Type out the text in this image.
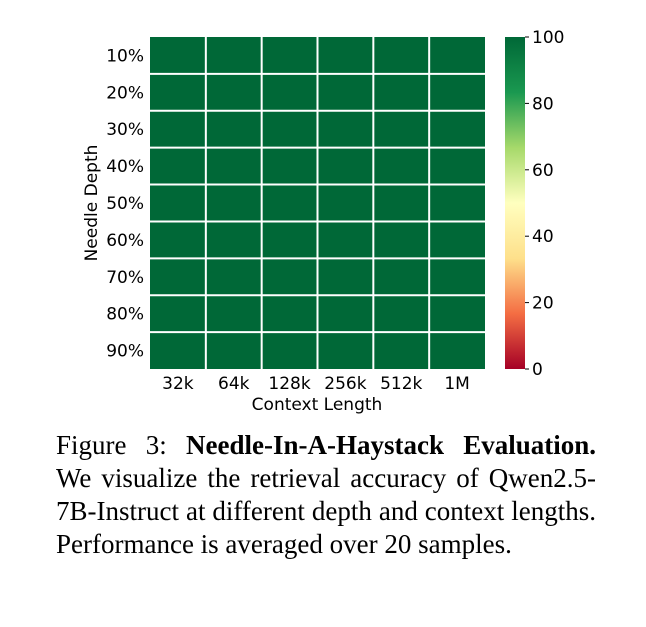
10%
20%
30%
40%
50%
60%
70%
80%
90%
32k 64k 128k 256k 512k 1M
Context Length
Needle Depth
0
20
40
60
80
100
Figure 3: Needle-In-A-Haystack Evaluation. We visualize the retrieval accuracy of Qwen2.5-7B-Instruct at different depth and context lengths. Performance is averaged over 20 samples.
